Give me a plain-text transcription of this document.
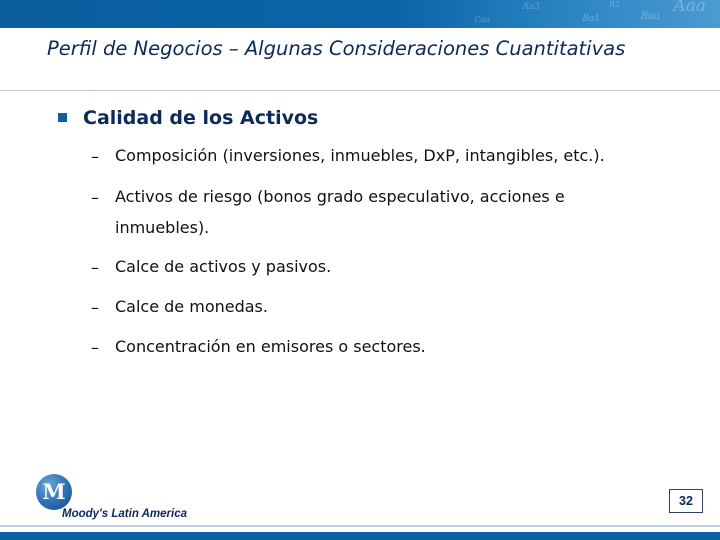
Aaa
Baa
Aa3
Ba1
Caa
B2
Perfil de Negocios – Algunas Consideraciones Cuantitativas
Calidad de los Activos
– Composición (inversiones, inmuebles, DxP, intangibles, etc.).
– Activos de riesgo (bonos grado especulativo, acciones e
inmuebles).
– Calce de activos y pasivos.
– Calce de monedas.
– Concentración en emisores o sectores.
M
Moody's Latin America
32
